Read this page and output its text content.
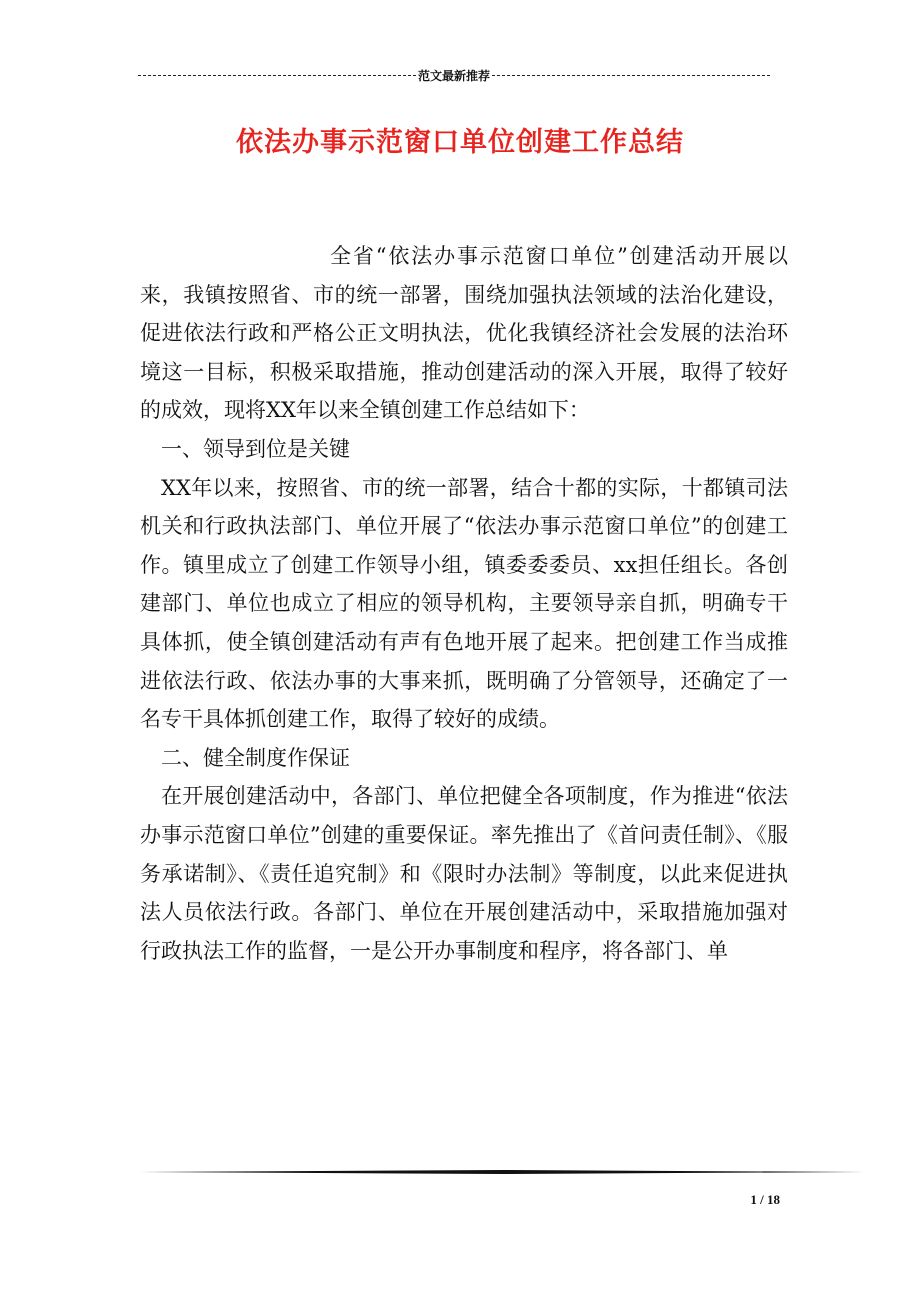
范文最新推荐
依法办事示范窗口单位创建工作总结

全省“依法办事示范窗口单位”创建活动开展以来，我镇按照省、市的统一部署，围绕加强执法领域的法治化建设，促进依法行政和严格公正文明执法，优化我镇经济社会发展的法治环境这一目标，积极采取措施，推动创建活动的深入开展，取得了较好的成效，现将XX年以来全镇创建工作总结如下：

一、领导到位是关键

XX年以来，按照省、市的统一部署，结合十都的实际，十都镇司法机关和行政执法部门、单位开展了“依法办事示范窗口单位”的创建工作。镇里成立了创建工作领导小组，镇委委委员、xx担任组长。各创建部门、单位也成立了相应的领导机构，主要领导亲自抓，明确专干具体抓，使全镇创建活动有声有色地开展了起来。把创建工作当成推进依法行政、依法办事的大事来抓，既明确了分管领导，还确定了一名专干具体抓创建工作，取得了较好的成绩。

二、健全制度作保证

在开展创建活动中，各部门、单位把健全各项制度，作为推进“依法办事示范窗口单位”创建的重要保证。率先推出了《首问责任制》、《服务承诺制》、《责任追究制》和《限时办法制》等制度，以此来促进执法人员依法行政。各部门、单位在开展创建活动中，采取措施加强对行政执法工作的监督，一是公开办事制度和程序，将各部门、单

1 / 18
